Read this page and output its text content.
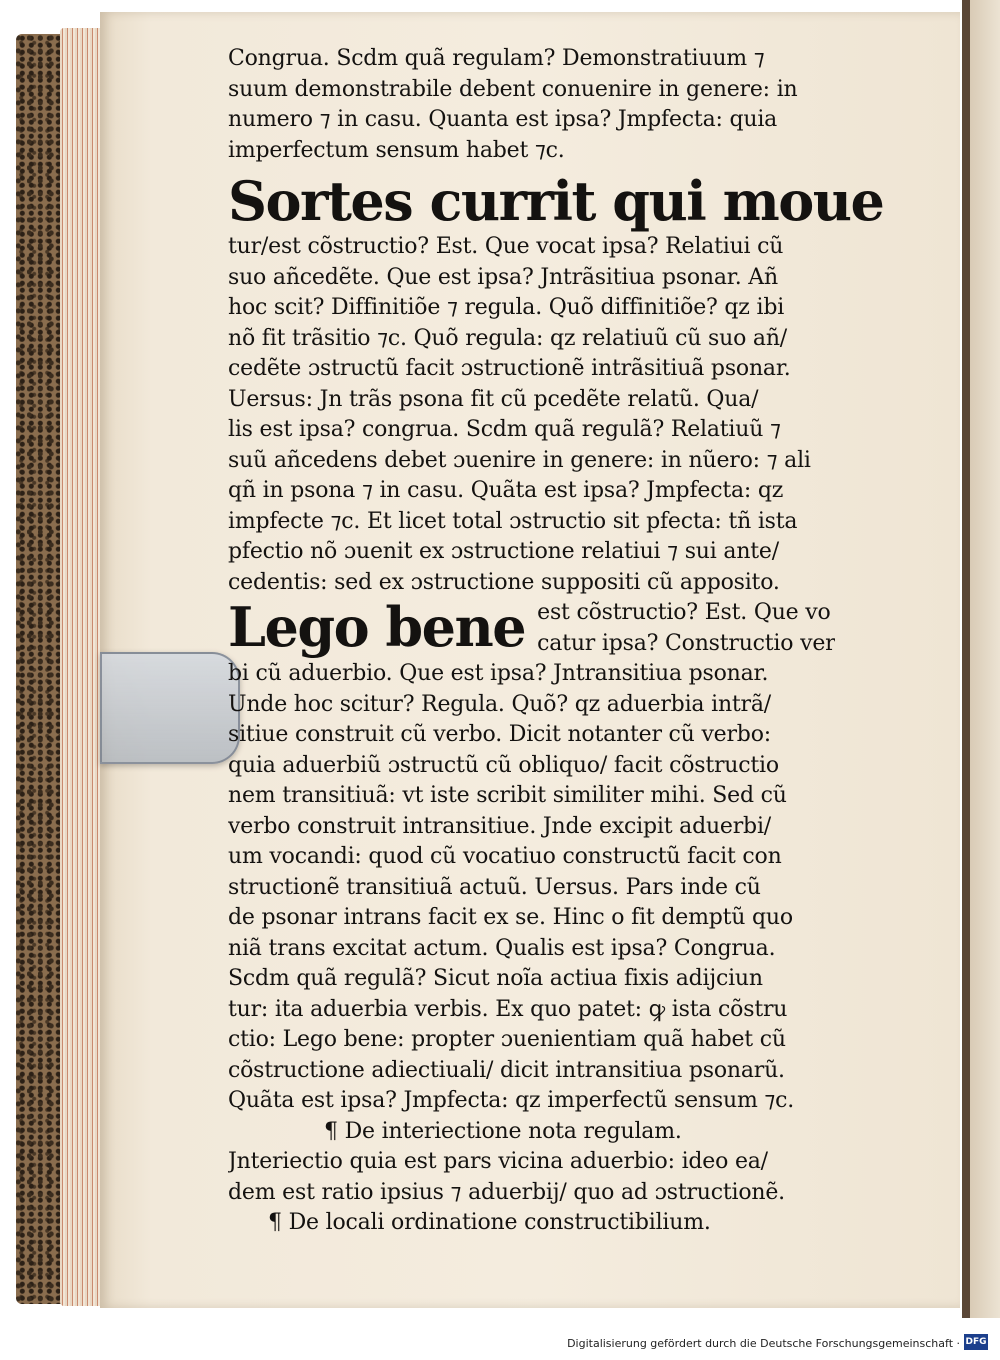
Congrua. Scdm quã regulam? Demonstratiuum ⁊
suum demonstrabile debent conuenire in genere: in
numero ⁊ in casu. Quanta est ipsa? Jmpfecta: quia
imperfectum sensum habet ⁊c.
Sortes currit qui moue
tur/est cõstructio? Est. Que vocat ipsa? Relatiui cũ
suo añcedẽte. Que est ipsa? Jntrãsitiua psonar. Añ
hoc scit? Diffinitiõe ⁊ regula. Quõ diffinitiõe? qz ibi
nõ fit trãsitio ⁊c. Quõ regula: qz relatiuũ cũ suo añ/
cedẽte ɔstructũ facit ɔstructionẽ intrãsitiuã psonar.
Uersus: Jn trãs psona fit cũ pcedẽte relatũ. Qua/
lis est ipsa? congrua. Scdm quã regulã? Relatiuũ ⁊
suũ añcedens debet ɔuenire in genere: in nũero: ⁊ ali
qñ in psona ⁊ in casu. Quãta est ipsa? Jmpfecta: qz
impfecte ⁊c. Et licet total ɔstructio sit pfecta: tñ ista
pfectio nõ ɔuenit ex ɔstructione relatiui ⁊ sui ante/
cedentis: sed ex ɔstructione suppositi cũ apposito.
Lego bene est cõstructio? Est. Que vo
catur ipsa? Constructio ver
bi cũ aduerbio. Que est ipsa? Jntransitiua psonar.
Unde hoc scitur? Regula. Quõ? qz aduerbia intrã/
sitiue construit cũ verbo. Dicit notanter cũ verbo:
quia aduerbiũ ɔstructũ cũ obliquo/ facit cõstructio
nem transitiuã: vt iste scribit similiter mihi. Sed cũ
verbo construit intransitiue. Jnde excipit aduerbi/
um vocandi: quod cũ vocatiuo constructũ facit con
structionẽ transitiuã actuũ. Uersus. Pars inde cũ
de psonar intrans facit ex se. Hinc o fit demptũ quo
niã trans excitat actum. Qualis est ipsa? Congrua.
Scdm quã regulã? Sicut noĩa actiua fixis adijciun
tur: ita aduerbia verbis. Ex quo patet: ꝙ ista cõstru
ctio: Lego bene: propter ɔuenientiam quã habet cũ
cõstructione adiectiuali/ dicit intransitiua psonarũ.
Quãta est ipsa? Jmpfecta: qz imperfectũ sensum ⁊c.
¶ De interiectione nota regulam.
Jnteriectio quia est pars vicina aduerbio: ideo ea/
dem est ratio ipsius ⁊ aduerbij/ quo ad ɔstructionẽ.
¶ De locali ordinatione constructibilium.
Digitalisierung gefördert durch die Deutsche Forschungsgemeinschaft · DFG
